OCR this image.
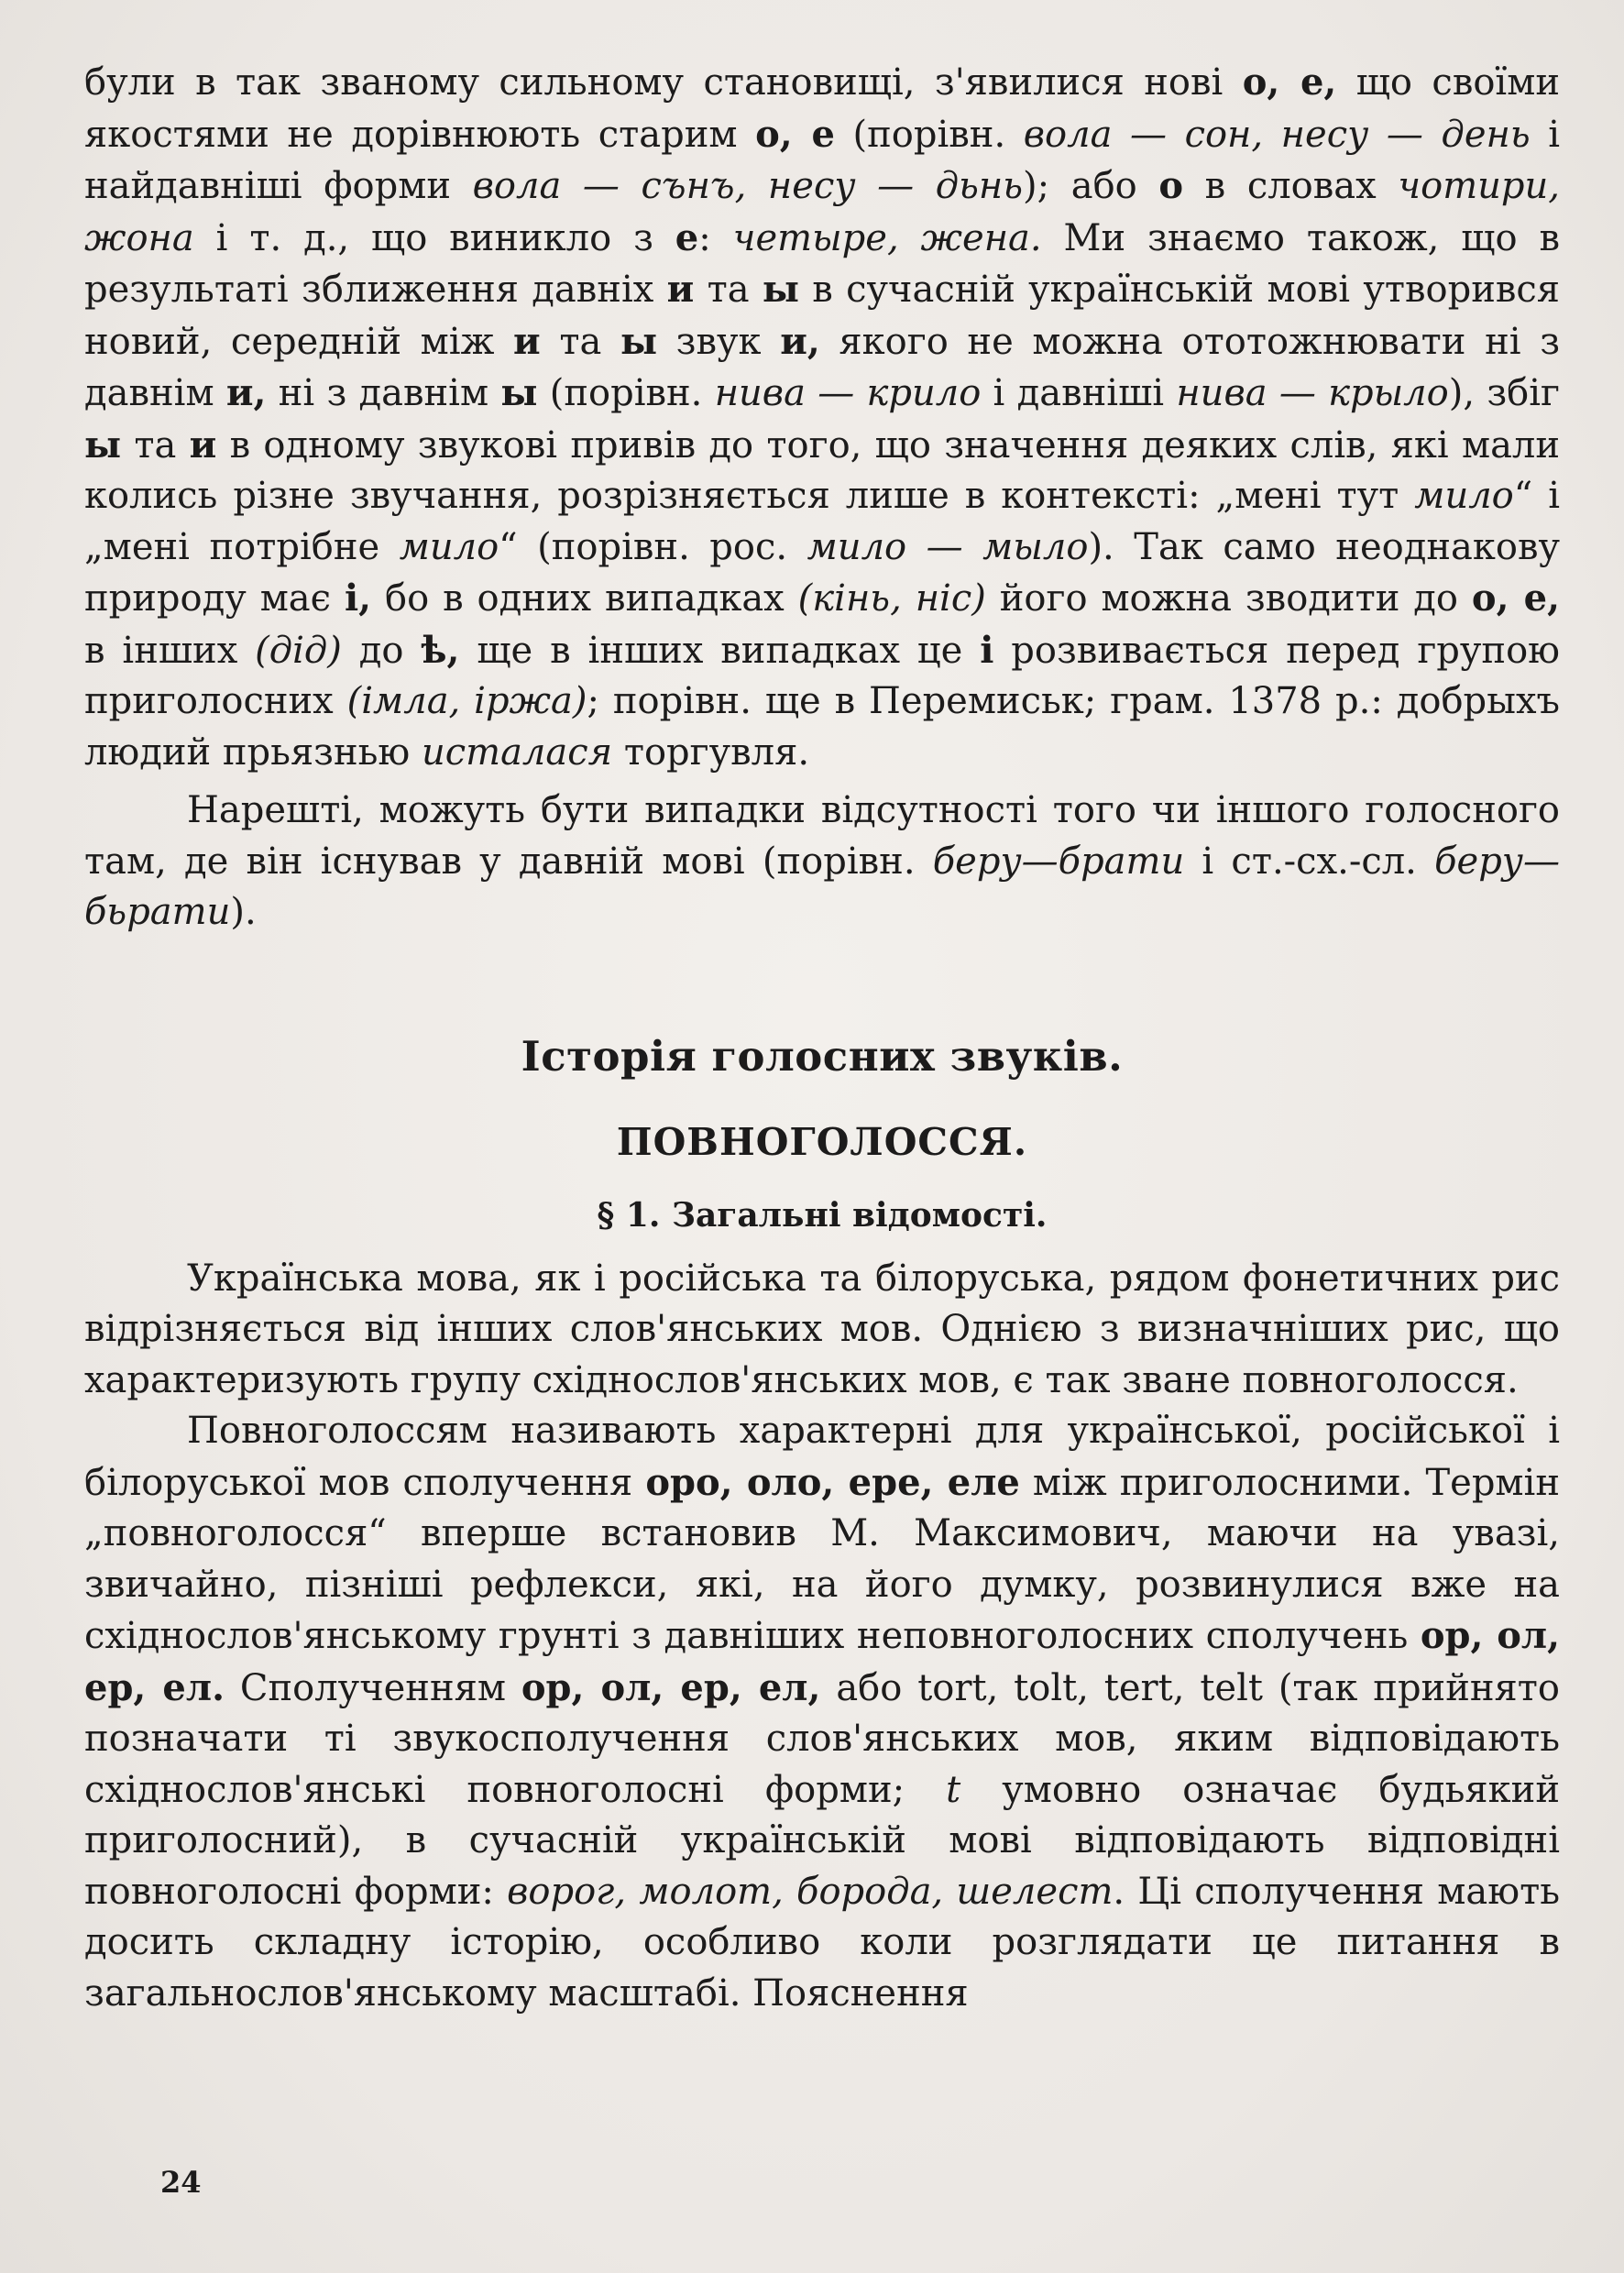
були в так званому сильному становищі, з'явилися нові о, е, що своїми якостями не дорівнюють старим о, е (порівн. вола — сон, несу — день і найдавніші форми вола — сънъ, несу — дьнь); або о в словах чотири, жона і т. д., що виникло з е: четыре, жена. Ми знаємо також, що в результаті зближення давніх и та ы в сучасній українській мові утворився новий, середній між и та ы звук и, якого не можна ототожнювати ні з давнім и, ні з давнім ы (порівн. нива — крило і давніші нива — крыло), збіг ы та и в одному звукові привів до того, що значення деяких слів, які мали колись різне звучання, розрізняється лише в контексті: „мені тут мило“ і „мені потрібне мило“ (порівн. рос. мило — мыло). Так само неоднакову природу має і, бо в одних випадках (кінь, ніс) його можна зводити до о, е, в інших (дід) до ѣ, ще в інших випадках це і розвивається перед групою приголосних (імла, іржа); порівн. ще в Перемиськ; грам. 1378 р.: добрыхъ людий прьязнью исталася торгувля.

Нарешті, можуть бути випадки відсутності того чи іншого голосного там, де він існував у давній мові (порівн. беру—брати і ст.-сх.-сл. беру—бьрати).

Історія голосних звуків.
ПОВНОГОЛОССЯ.
§ 1. Загальні відомості.

Українська мова, як і російська та білоруська, рядом фонетичних рис відрізняється від інших слов'янських мов. Однією з визначніших рис, що характеризують групу східнослов'янських мов, є так зване повноголосся.

Повноголоссям називають характерні для української, російської і білоруської мов сполучення оро, оло, ере, еле між приголосними. Термін „повноголосся“ вперше встановив М. Максимович, маючи на увазі, звичайно, пізніші рефлекси, які, на його думку, розвинулися вже на східнослов'янському грунті з давніших неповноголосних сполучень ор, ол, ер, ел. Сполученням ор, ол, ер, ел, або tort, tolt, tert, telt (так прийнято позначати ті звукосполучення слов'янських мов, яким відповідають східнослов'янські повноголосні форми; t умовно означає будьякий приголосний), в сучасній українській мові відповідають відповідні повноголосні форми: ворог, молот, борода, шелест. Ці сполучення мають досить складну історію, особливо коли розглядати це питання в загальнослов'янському масштабі. Пояснення

24
